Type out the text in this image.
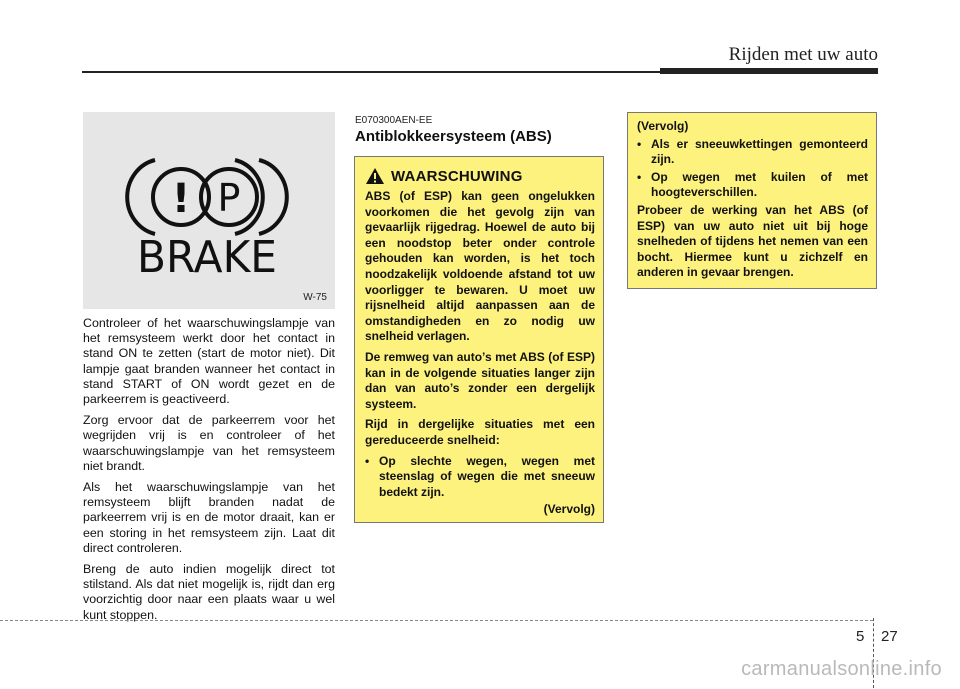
Rijden met uw auto
! P
BRAKE
W-75

Controleer of het waarschuwingslampje van het remsysteem werkt door het contact in stand ON te zetten (start de motor niet). Dit lampje gaat branden wanneer het contact in stand START of ON wordt gezet en de parkeerrem is geactiveerd.

Zorg ervoor dat de parkeerrem voor het wegrijden vrij is en controleer of het waarschuwingslampje van het remsysteem niet brandt.

Als het waarschuwingslampje van het remsysteem blijft branden nadat de parkeerrem vrij is en de motor draait, kan er een storing in het remsysteem zijn. Laat dit direct controleren.

Breng de auto indien mogelijk direct tot stilstand. Als dat niet mogelijk is, rijdt dan erg voorzichtig door naar een plaats waar u wel kunt stoppen.

E070300AEN-EE
Antiblokkeersysteem (ABS)
WAARSCHUWING

ABS (of ESP) kan geen ongelukken voorkomen die het gevolg zijn van gevaarlijk rijgedrag. Hoewel de auto bij een noodstop beter onder controle gehouden kan worden, is het toch noodzakelijk voldoende afstand tot uw voorligger te bewaren. U moet uw rijsnelheid altijd aanpassen aan de omstandigheden en zo nodig uw snelheid verlagen.

De remweg van auto’s met ABS (of ESP) kan in de volgende situaties langer zijn dan van auto’s zonder een dergelijk systeem.

Rijd in dergelijke situaties met een gereduceerde snelheid:

• Op slechte wegen, wegen met steenslag of wegen die met sneeuw bedekt zijn.
(Vervolg)
(Vervolg)
• Als er sneeuwkettingen gemonteerd zijn.
• Op wegen met kuilen of met hoogteverschillen.

Probeer de werking van het ABS (of ESP) van uw auto niet uit bij hoge snelheden of tijdens het nemen van een bocht. Hiermee kunt u zichzelf en anderen in gevaar brengen.

5 27
carmanualsonline.info
